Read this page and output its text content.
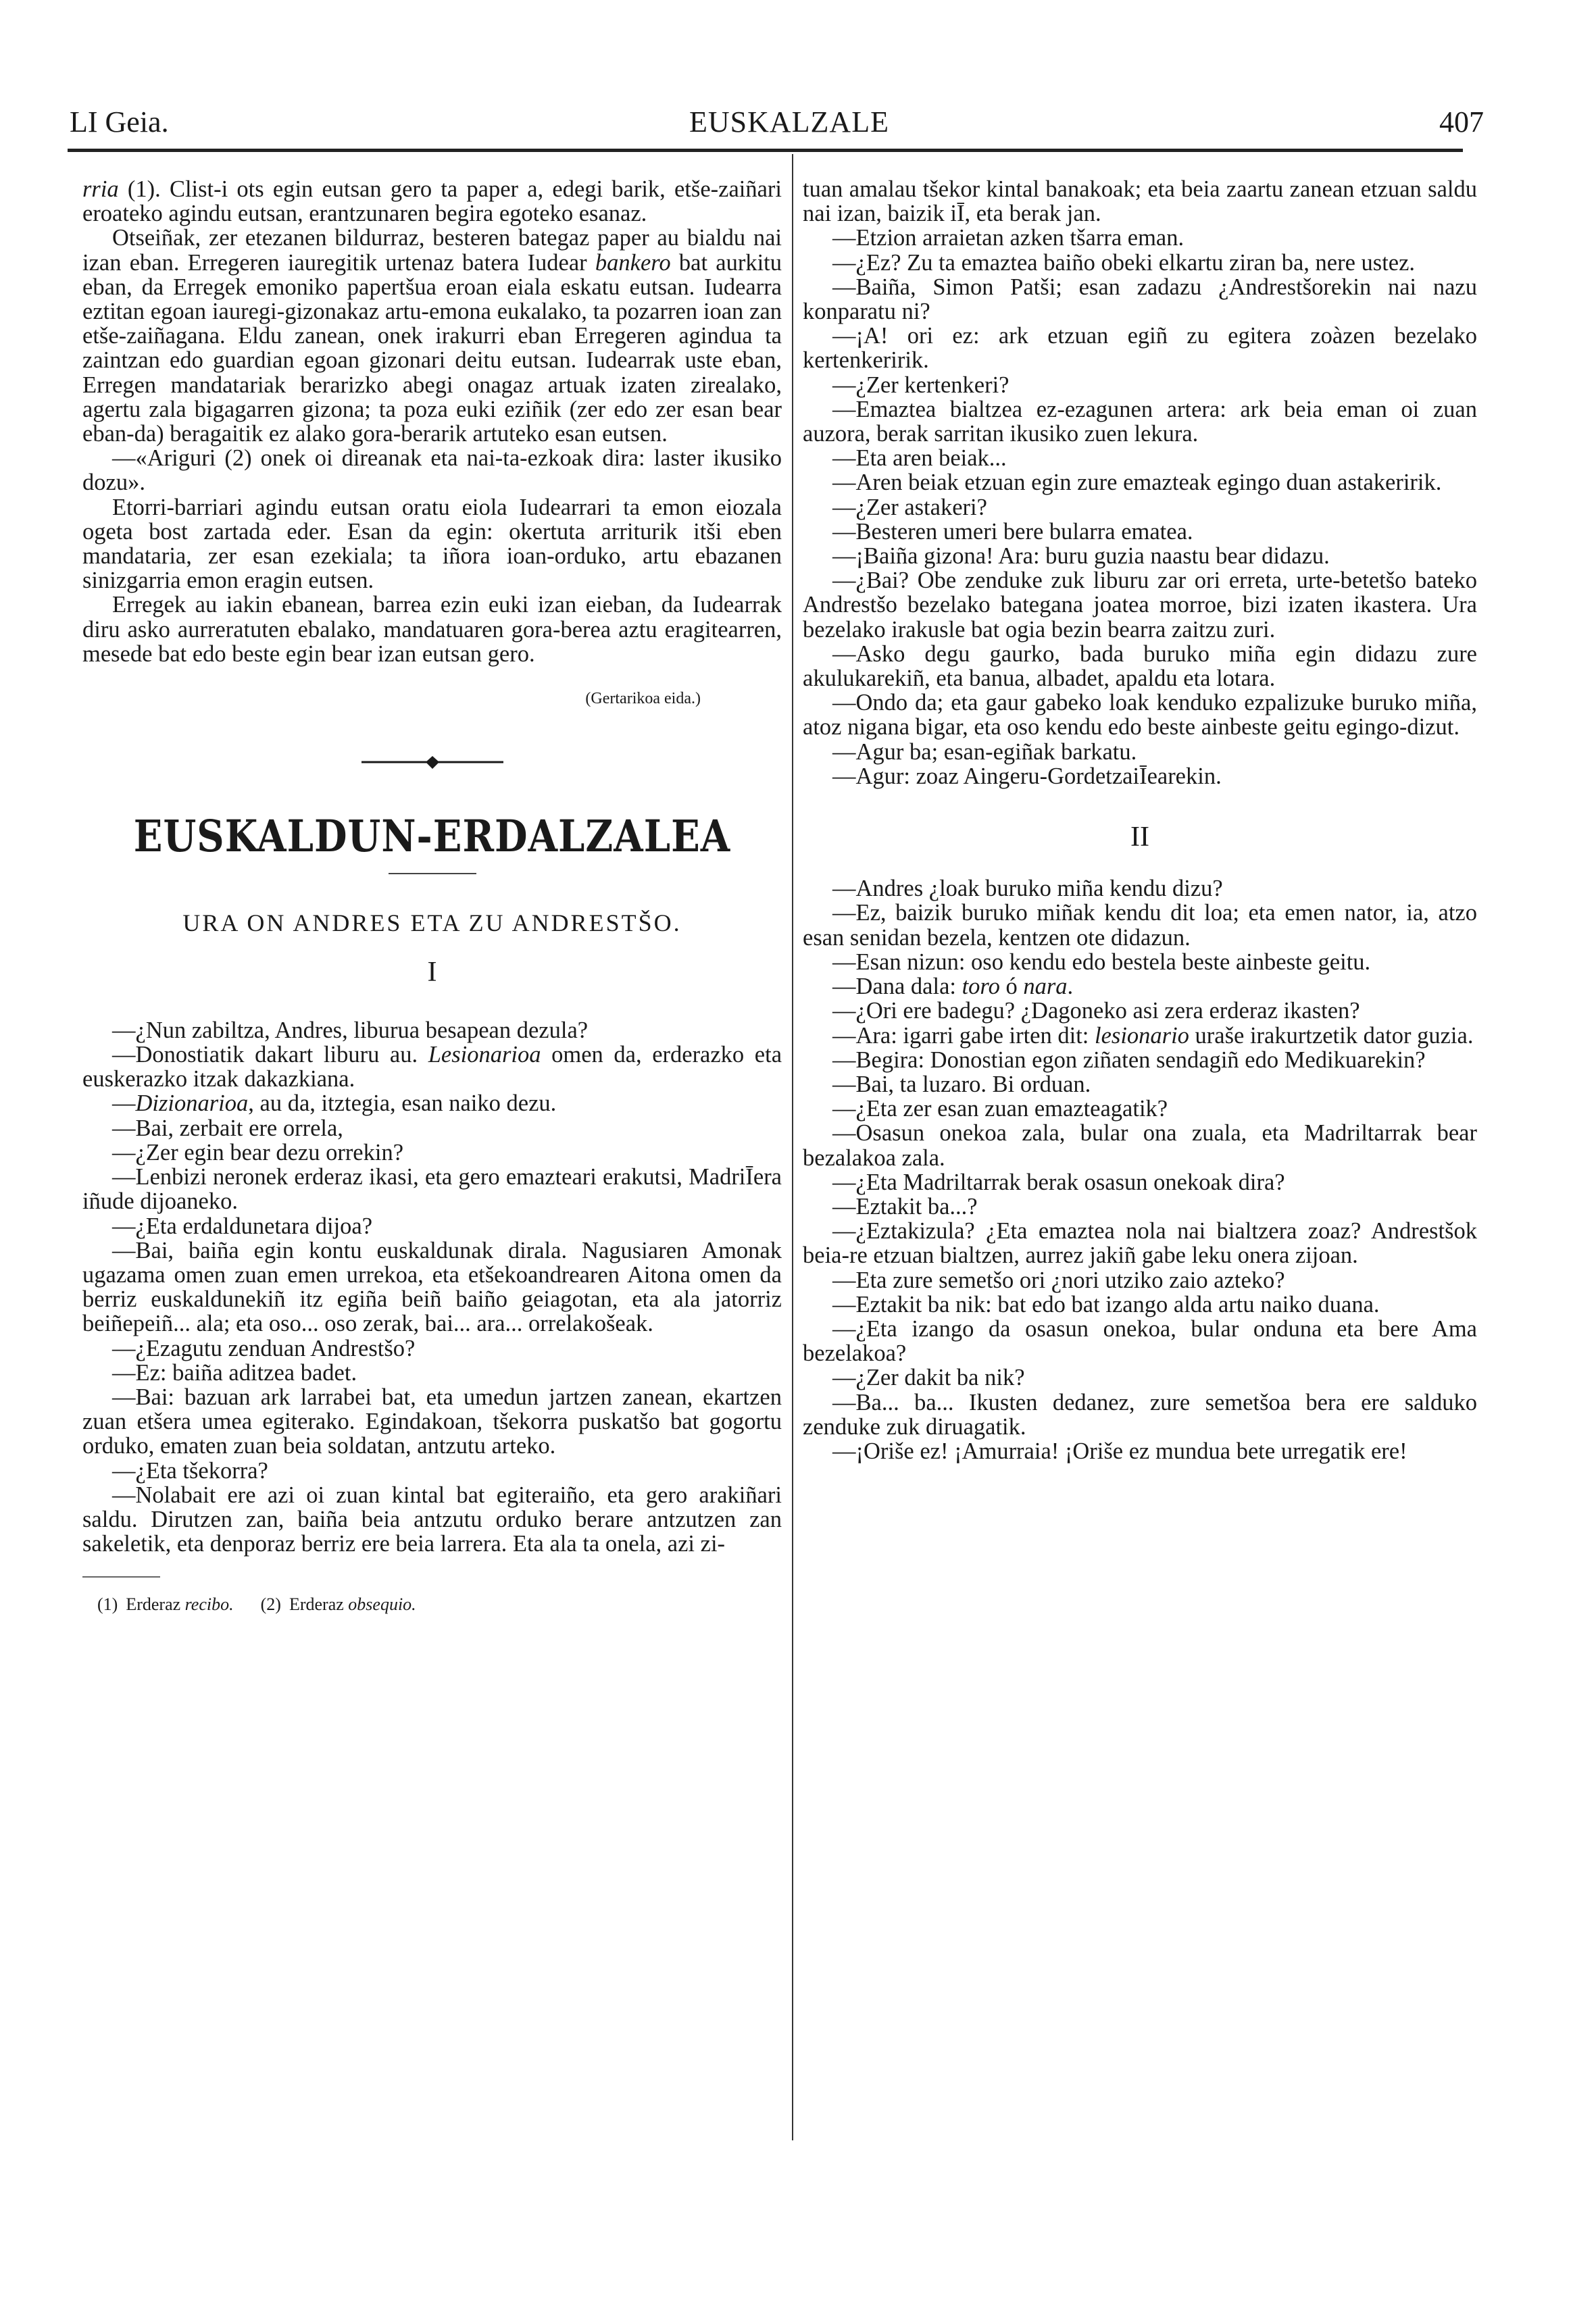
LI Geia.	EUSKALZALE	407

rria (1). Clist-i ots egin eutsan gero ta paper a, edegi barik, etše-zaiñari eroateko agindu eutsan, erantzunaren begira egoteko esanaz.

Otseiñak, zer etezanen bildurraz, besteren bategaz paper au bialdu nai izan eban. Erregeren iauregitik urtenaz batera Iudear bankero bat aurkitu eban, da Erregek emoniko papertšua eroan eiala eskatu eutsan. Iudearra eztitan egoan iauregi-gizonakaz artu-emona eukalako, ta pozarren ioan zan etše-zaiñagana. Eldu zanean, onek irakurri eban Erregeren agindua ta zaintzan edo guardian egoan gizonari deitu eutsan. Iudearrak uste eban, Erregen mandatariak berarizko abegi onagaz artuak izaten zirealako, agertu zala bigagarren gizona; ta poza euki eziñik (zer edo zer esan bear eban-da) beragaitik ez alako gora-berarik artuteko esan eutsen.

—«Ariguri (2) onek oi direanak eta nai-ta-ezkoak dira: laster ikusiko dozu».

Etorri-barriari agindu eutsan oratu eiola Iudearrari ta emon eiozala ogeta bost zartada eder. Esan da egin: okertuta arriturik itši eben mandataria, zer esan ezekiala; ta iñora ioan-orduko, artu ebazanen sinizgarria emon eragin eutsen.

Erregek au iakin ebanean, barrea ezin euki izan eieban, da Iudearrak diru asko aurreratuten ebalako, mandatuaren gora-berea aztu eragitearren, mesede bat edo beste egin bear izan eutsan gero.

(Gertarikoa eida.)

EUSKALDUN-ERDALZALEA

URA ON ANDRES ETA ZU ANDRESTŠO.

I

—¿Nun zabiltza, Andres, liburua besapean dezula?

—Donostiatik dakart liburu au. Lesionarioa omen da, erderazko eta euskerazko itzak dakazkiana.

—Dizionarioa, au da, itztegia, esan naiko dezu.

—Bai, zerbait ere orrela,

—¿Zer egin bear dezu orrekin?

—Lenbizi neronek erderaz ikasi, eta gero emazteari erakutsi, MadriĪera iñude dijoaneko.

—¿Eta erdaldunetara dijoa?

—Bai, baiña egin kontu euskaldunak dirala. Nagusiaren Amonak ugazama omen zuan emen urrekoa, eta etšekoandrearen Aitona omen da berriz euskaldunekiñ itz egiña beiñ baiño geiagotan, eta ala jatorriz beiñepeiñ... ala; eta oso... oso zerak, bai... ara... orrelakošeak.

—¿Ezagutu zenduan Andrestšo?

—Ez: baiña aditzea badet.

—Bai: bazuan ark larrabei bat, eta umedun jartzen zanean, ekartzen zuan etšera umea egiterako. Egindakoan, tšekorra puskatšo bat gogortu orduko, ematen zuan beia soldatan, antzutu arteko.

—¿Eta tšekorra?

—Nolabait ere azi oi zuan kintal bat egiteraiño, eta gero arakiñari saldu. Dirutzen zan, baiña beia antzutu orduko berare antzutzen zan sakeletik, eta denporaz berriz ere beia larrera. Eta ala ta onela, azi zi-

(1) Erderaz recibo. (2) Erderaz obsequio.

tuan amalau tšekor kintal banakoak; eta beia zaartu zanean etzuan saldu nai izan, baizik iĪ, eta berak jan.

—Etzion arraietan azken tšarra eman.

—¿Ez? Zu ta emaztea baiño obeki elkartu ziran ba, nere ustez.

—Baiña, Simon Patši; esan zadazu ¿Andrestšorekin nai nazu konparatu ni?

—¡A! ori ez: ark etzuan egiñ zu egitera zoàzen bezelako kertenkeririk.

—¿Zer kertenkeri?

—Emaztea bialtzea ez-ezagunen artera: ark beia eman oi zuan auzora, berak sarritan ikusiko zuen lekura.

—Eta aren beiak...

—Aren beiak etzuan egin zure emazteak egingo duan astakeririk.

—¿Zer astakeri?

—Besteren umeri bere bularra ematea.

—¡Baiña gizona! Ara: buru guzia naastu bear didazu.

—¿Bai? Obe zenduke zuk liburu zar ori erreta, urte-betetšo bateko Andrestšo bezelako bategana joatea morroe, bizi izaten ikastera. Ura bezelako irakusle bat ogia bezin bearra zaitzu zuri.

—Asko degu gaurko, bada buruko miña egin didazu zure akulukarekiñ, eta banua, albadet, apaldu eta lotara.

—Ondo da; eta gaur gabeko loak kenduko ezpalizuke buruko miña, atoz nigana bigar, eta oso kendu edo beste ainbeste geitu egingo-dizut.

—Agur ba; esan-egiñak barkatu.

—Agur: zoaz Aingeru-GordetzaiĪearekin.

II

—Andres ¿loak buruko miña kendu dizu?

—Ez, baizik buruko miñak kendu dit loa; eta emen nator, ia, atzo esan senidan bezela, kentzen ote didazun.

—Esan nizun: oso kendu edo bestela beste ainbeste geitu.

—Dana dala: toro ó nara.

—¿Ori ere badegu? ¿Dagoneko asi zera erderaz ikasten?

—Ara: igarri gabe irten dit: lesionario uraše irakurtzetik dator guzia.

—Begira: Donostian egon ziñaten sendagiñ edo Medikuarekin?

—Bai, ta luzaro. Bi orduan.

—¿Eta zer esan zuan emazteagatik?

—Osasun onekoa zala, bular ona zuala, eta Madriltarrak bear bezalakoa zala.

—¿Eta Madriltarrak berak osasun onekoak dira?

—Eztakit ba...?

—¿Eztakizula? ¿Eta emaztea nola nai bialtzera zoaz? Andrestšok beia-re etzuan bialtzen, aurrez jakiñ gabe leku onera zijoan.

—Eta zure semetšo ori ¿nori utziko zaio azteko?

—Eztakit ba nik: bat edo bat izango alda artu naiko duana.

—¿Eta izango da osasun onekoa, bular onduna eta bere Ama bezelakoa?

—¿Zer dakit ba nik?

—Ba... ba... Ikusten dedanez, zure semetšoa bera ere salduko zenduke zuk diruagatik.

—¡Oriše ez! ¡Amurraia! ¡Oriše ez mundua bete urregatik ere!
